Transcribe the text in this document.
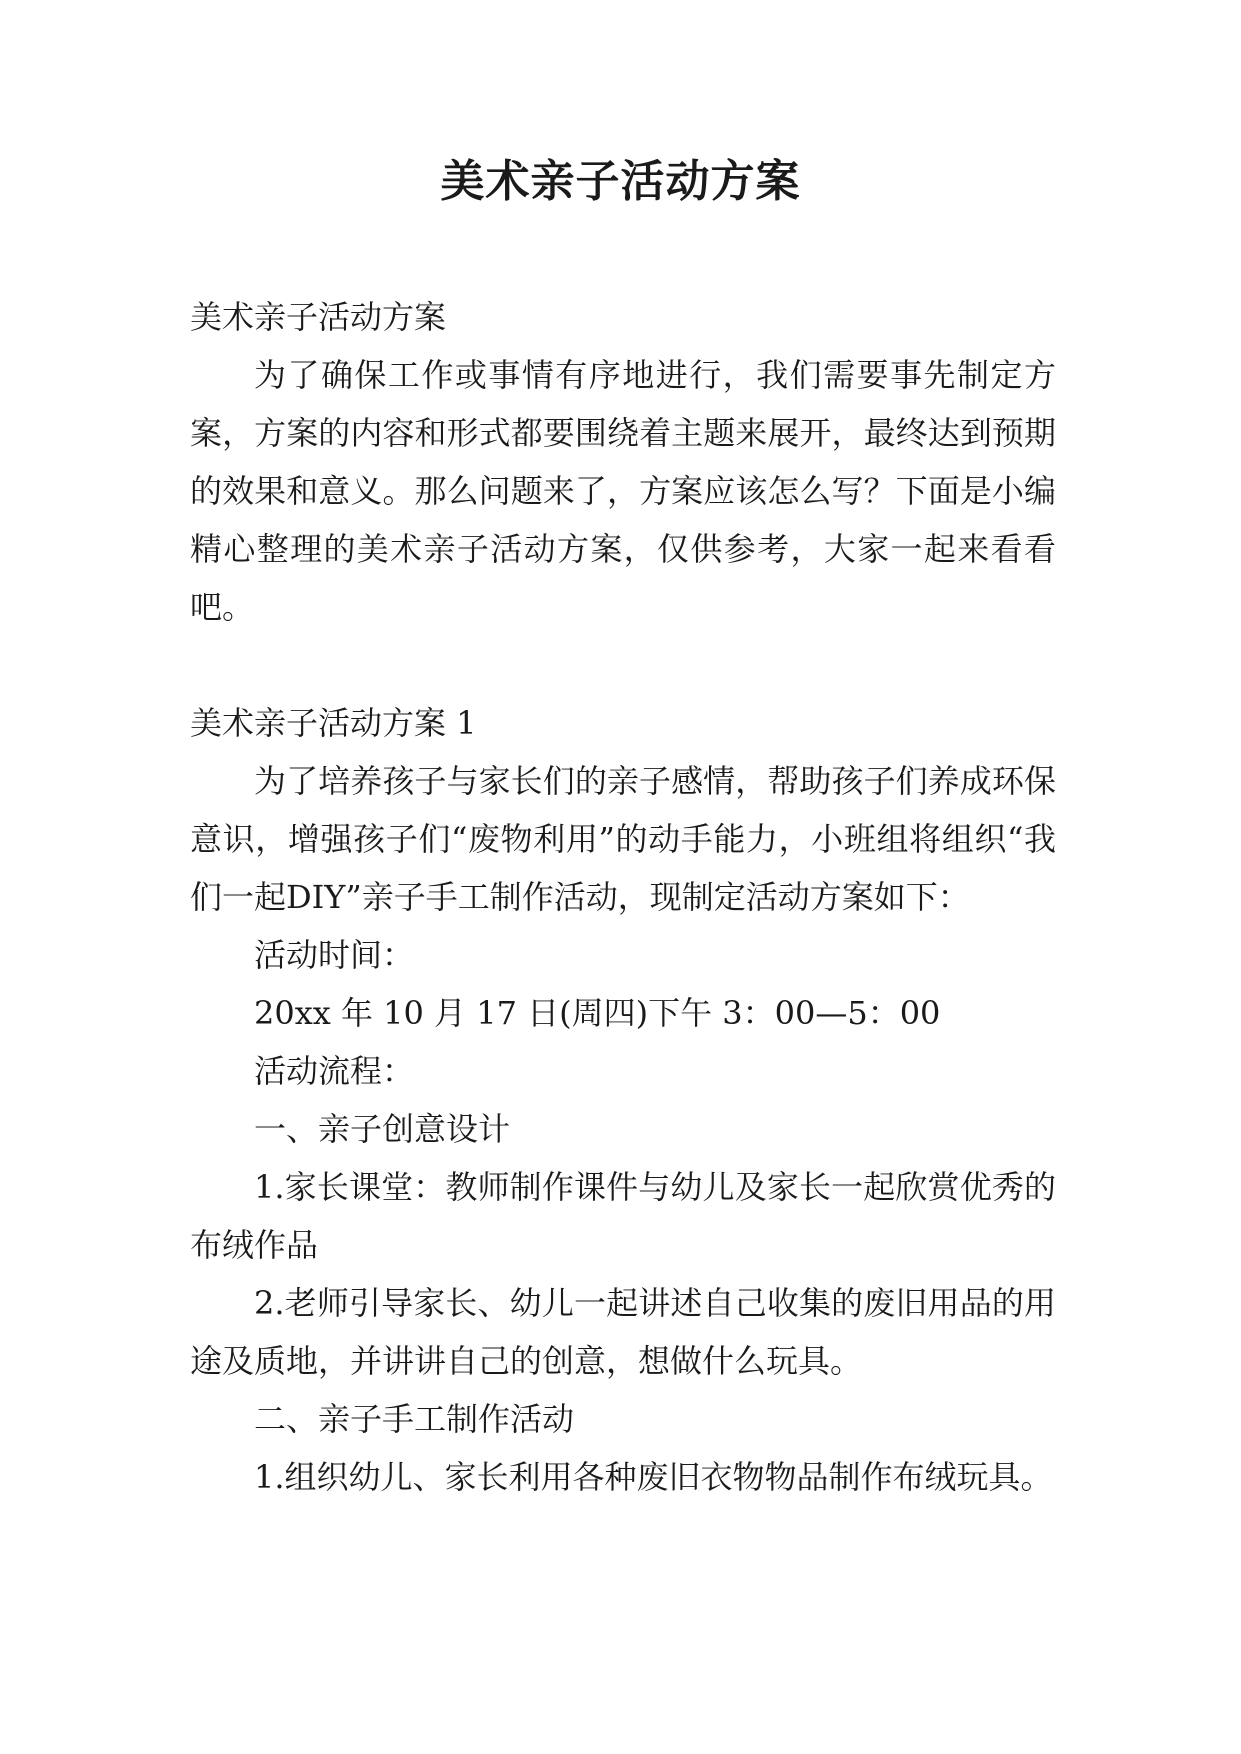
美术亲子活动方案

美术亲子活动方案

为了确保工作或事情有序地进行，我们需要事先制定方案，方案的内容和形式都要围绕着主题来展开，最终达到预期的效果和意义。那么问题来了，方案应该怎么写？下面是小编精心整理的美术亲子活动方案，仅供参考，大家一起来看看吧。

美术亲子活动方案 1

为了培养孩子与家长们的亲子感情，帮助孩子们养成环保意识，增强孩子们“废物利用”的动手能力，小班组将组织“我们一起DIY”亲子手工制作活动，现制定活动方案如下：

活动时间：

20xx 年 10 月 17 日(周四)下午 3：00—5：00

活动流程：

一、亲子创意设计

1.家长课堂：教师制作课件与幼儿及家长一起欣赏优秀的布绒作品

2.老师引导家长、幼儿一起讲述自己收集的废旧用品的用途及质地，并讲讲自己的创意，想做什么玩具。

二、亲子手工制作活动

1.组织幼儿、家长利用各种废旧衣物物品制作布绒玩具。
